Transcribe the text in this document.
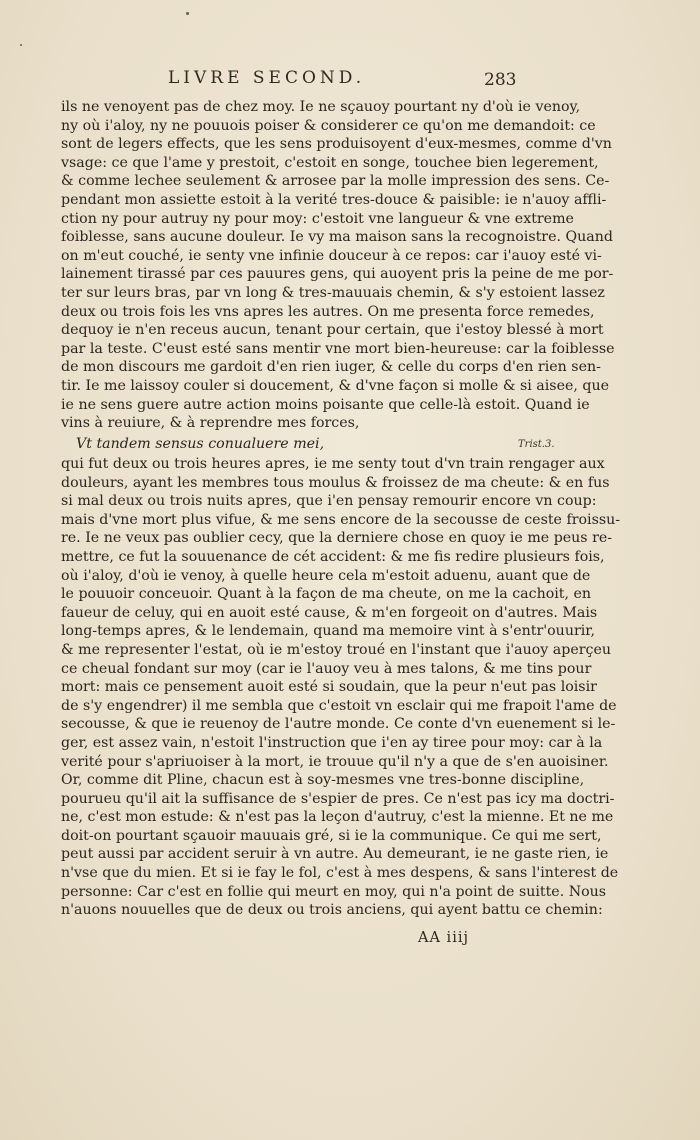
LIVRE SECOND.	283
ils ne venoyent pas de chez moy. Ie ne sçauoy pourtant ny d'où ie venoy,
ny où i'aloy, ny ne pouuois poiser & considerer ce qu'on me demandoit: ce
sont de legers effects, que les sens produisoyent d'eux-mesmes, comme d'vn
vsage: ce que l'ame y prestoit, c'estoit en songe, touchee bien legerement,
& comme lechee seulement & arrosee par la molle impression des sens. Ce-
pendant mon assiette estoit à la verité tres-douce & paisible: ie n'auoy affli-
ction ny pour autruy ny pour moy: c'estoit vne langueur & vne extreme
foiblesse, sans aucune douleur. Ie vy ma maison sans la recognoistre. Quand
on m'eut couché, ie senty vne infinie douceur à ce repos: car i'auoy esté vi-
lainement tirassé par ces pauures gens, qui auoyent pris la peine de me por-
ter sur leurs bras, par vn long & tres-mauuais chemin, & s'y estoient lassez
deux ou trois fois les vns apres les autres. On me presenta force remedes,
dequoy ie n'en receus aucun, tenant pour certain, que i'estoy blessé à mort
par la teste. C'eust esté sans mentir vne mort bien-heureuse: car la foiblesse
de mon discours me gardoit d'en rien iuger, & celle du corps d'en rien sen-
tir. Ie me laissoy couler si doucement, & d'vne façon si molle & si aisee, que
ie ne sens guere autre action moins poisante que celle-là estoit. Quand ie
vins à reuiure, & à reprendre mes forces,
Vt tandem sensus conualuere mei,	Trist.3.
qui fut deux ou trois heures apres, ie me senty tout d'vn train rengager aux
douleurs, ayant les membres tous moulus & froissez de ma cheute: & en fus
si mal deux ou trois nuits apres, que i'en pensay remourir encore vn coup:
mais d'vne mort plus vifue, & me sens encore de la secousse de ceste froissu-
re. Ie ne veux pas oublier cecy, que la derniere chose en quoy ie me peus re-
mettre, ce fut la souuenance de cét accident: & me fis redire plusieurs fois,
où i'aloy, d'où ie venoy, à quelle heure cela m'estoit aduenu, auant que de
le pouuoir conceuoir. Quant à la façon de ma cheute, on me la cachoit, en
faueur de celuy, qui en auoit esté cause, & m'en forgeoit on d'autres. Mais
long-temps apres, & le lendemain, quand ma memoire vint à s'entr'ouurir,
& me representer l'estat, où ie m'estoy troué en l'instant que i'auoy aperçeu
ce cheual fondant sur moy (car ie l'auoy veu à mes talons, & me tins pour
mort: mais ce pensement auoit esté si soudain, que la peur n'eut pas loisir
de s'y engendrer) il me sembla que c'estoit vn esclair qui me frapoit l'ame de
secousse, & que ie reuenoy de l'autre monde. Ce conte d'vn euenement si le-
ger, est assez vain, n'estoit l'instruction que i'en ay tiree pour moy: car à la
verité pour s'apriuoiser à la mort, ie trouue qu'il n'y a que de s'en auoisiner.
Or, comme dit Pline, chacun est à soy-mesmes vne tres-bonne discipline,
pourueu qu'il ait la suffisance de s'espier de pres. Ce n'est pas icy ma doctri-
ne, c'est mon estude: & n'est pas la leçon d'autruy, c'est la mienne. Et ne me
doit-on pourtant sçauoir mauuais gré, si ie la communique. Ce qui me sert,
peut aussi par accident seruir à vn autre. Au demeurant, ie ne gaste rien, ie
n'vse que du mien. Et si ie fay le fol, c'est à mes despens, & sans l'interest de
personne: Car c'est en follie qui meurt en moy, qui n'a point de suitte. Nous
n'auons nouuelles que de deux ou trois anciens, qui ayent battu ce chemin:
AA iiij
